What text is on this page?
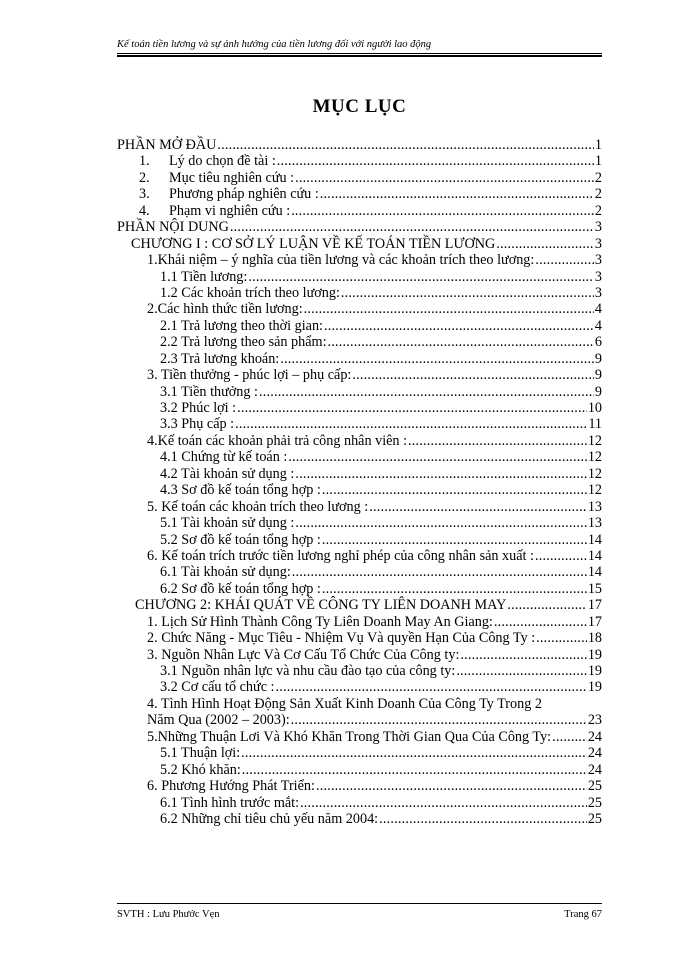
Kế toán tiền lương và sự ảnh hưởng của tiền lương đối với người lao động
MỤC LỤC
PHẦN MỞ ĐẦU .....	1
1. Lý do chọn đề tài : .....	1
2. Mục tiêu nghiên cứu : .....	2
3. Phương pháp nghiên cứu : .....	2
4. Phạm vi nghiên cứu : .....	2
PHẦN NỘI DUNG .....	3
CHƯƠNG I : CƠ SỞ LÝ LUẬN VỀ KẾ TOÁN TIỀN LƯƠNG .....	3
1.Khái niệm – ý nghĩa của tiền lương và các khoản trích theo lương: .....	3
1.1 Tiền lương: .....	3
1.2 Các khoản trích theo lương: .....	3
2.Các hình thức tiền lương: .....	4
2.1 Trả lương theo thời gian: .....	4
2.2 Trả lương theo sản phẩm: .....	6
2.3 Trả lương khoán: .....	9
3. Tiền thưởng - phúc lợi – phụ cấp: .....	9
3.1 Tiền thưởng : .....	9
3.2 Phúc lợi : .....	10
3.3 Phụ cấp : .....	11
4.Kế toán các khoản phải trả công nhân viên : .....	12
4.1 Chứng từ kế toán : .....	12
4.2 Tài khoản sử dụng : .....	12
4.3 Sơ đồ kế toán tổng hợp : .....	12
5. Kế toán các khoản trích theo lương : .....	13
5.1 Tài khoản sử dụng : .....	13
5.2 Sơ đồ kế toán tổng hợp : .....	14
6. Kế toán trích trước tiền lương nghỉ phép của công nhân sản xuất : .....	14
6.1 Tài khoản sử dụng: .....	14
6.2 Sơ đồ kế toán tổng hợp : .....	15
CHƯƠNG 2: KHÁI QUÁT VỀ CÔNG TY LIÊN DOANH MAY .....	17
1. Lịch Sử Hình Thành Công Ty Liên Doanh May An Giang: .....	17
2. Chức Năng - Mục Tiêu - Nhiệm Vụ Và quyền Hạn Của Công Ty : .....	18
3. Nguồn Nhân Lực Và Cơ Cấu Tổ Chức Của Công ty: .....	19
3.1 Nguồn nhân lực và nhu cầu đào tạo của công ty: .....	19
3.2 Cơ cấu tổ chức : .....	19
4. Tình Hình Hoạt Động Sản Xuất Kinh Doanh Của Công Ty Trong 2
Năm Qua (2002 – 2003): .....	23
5.Những Thuận Lơi Và Khó Khăn Trong Thời Gian Qua Của Công Ty: .....	24
5.1 Thuận lợi: .....	24
5.2 Khó khăn: .....	24
6. Phương Hướng Phát Triển: .....	25
6.1 Tình hình trước mắt: .....	25
6.2 Những chỉ tiêu chủ yếu năm 2004: .....	25
SVTH : Lưu Phước Vẹn	Trang 67
